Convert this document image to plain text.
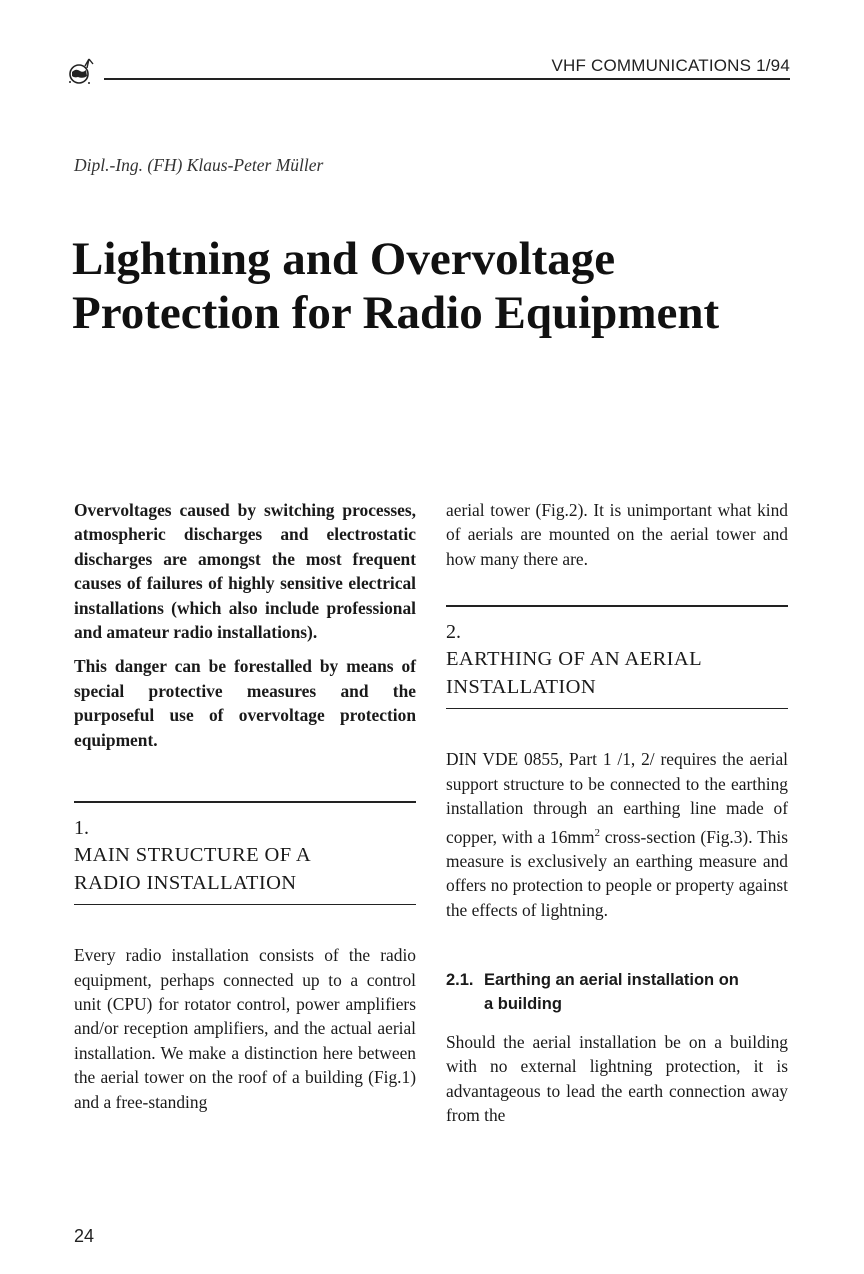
VHF COMMUNICATIONS 1/94
Dipl.-Ing. (FH) Klaus-Peter Müller
Lightning and Overvoltage
Protection for Radio Equipment

Overvoltages caused by switching processes, atmospheric discharges and electrostatic discharges are amongst the most frequent causes of failures of highly sensitive electrical installations (which also include professional and amateur radio installations).

This danger can be forestalled by means of special protective measures and the purposeful use of overvoltage protection equipment.

1.
MAIN STRUCTURE OF A
RADIO INSTALLATION

Every radio installation consists of the radio equipment, perhaps connected up to a control unit (CPU) for rotator control, power amplifiers and/or reception amplifiers, and the actual aerial installation. We make a distinction here between the aerial tower on the roof of a building (Fig.1) and a free-standing

aerial tower (Fig.2). It is unimportant what kind of aerials are mounted on the aerial tower and how many there are.

2.
EARTHING OF AN AERIAL
INSTALLATION

DIN VDE 0855, Part 1 /1, 2/ requires the aerial support structure to be connected to the earthing installation through an earthing line made of copper, with a $16mm^2$ cross-section (Fig.3). This measure is exclusively an earthing measure and offers no protection to people or property against the effects of lightning.

2.1. Earthing an aerial installation on
a building

Should the aerial installation be on a building with no external lightning protection, it is advantageous to lead the earth connection away from the

24
